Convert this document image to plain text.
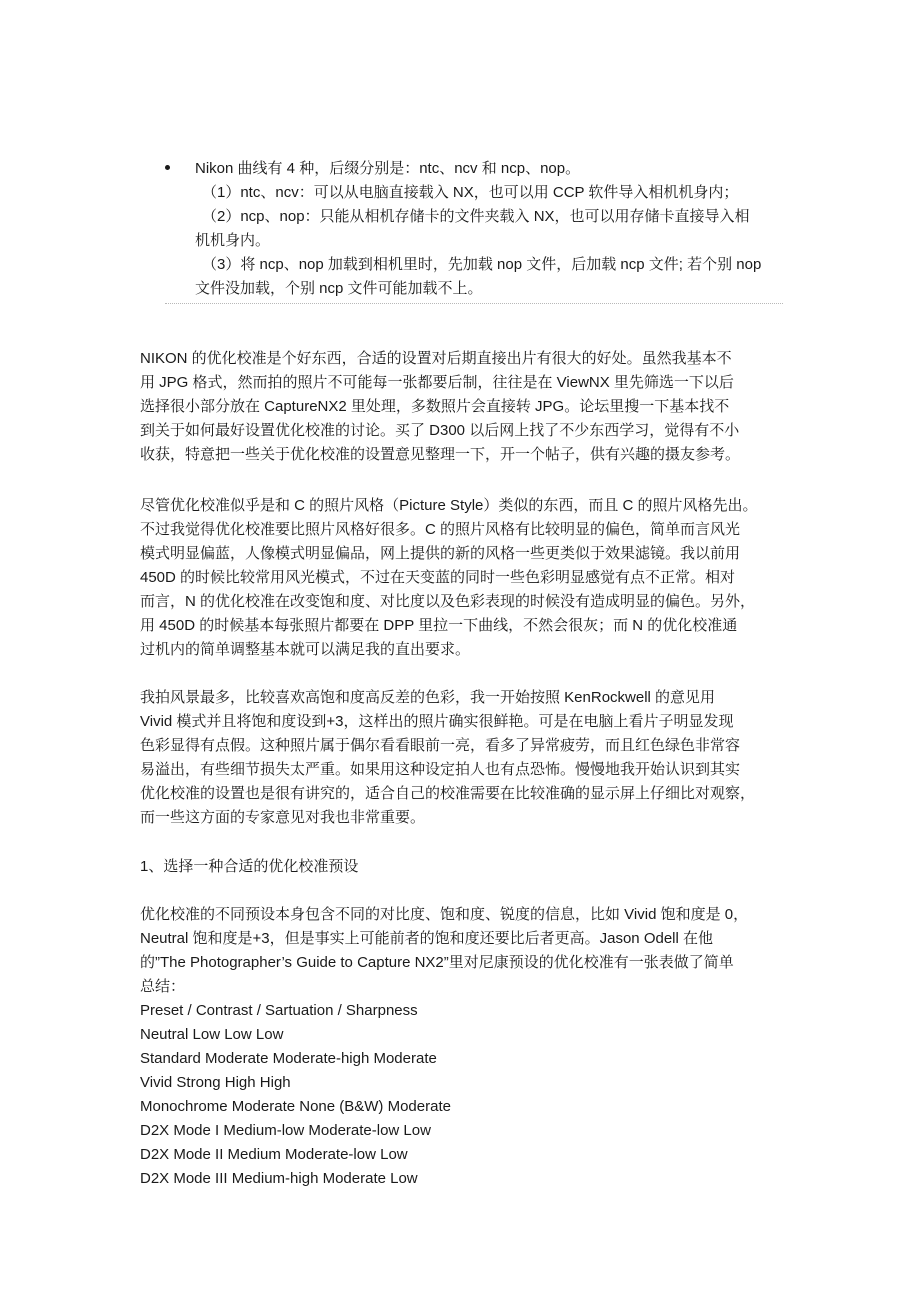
Nikon 曲线有 4 种，后缀分别是：ntc、ncv 和 ncp、nop。

（1）ntc、ncv：可以从电脑直接载入 NX，也可以用 CCP 软件导入相机机身内；

（2）ncp、nop：只能从相机存储卡的文件夹载入 NX，也可以用存储卡直接导入相

机机身内。

（3）将 ncp、nop 加载到相机里时，先加载 nop 文件，后加载 ncp 文件; 若个别 nop

文件没加载，个别 ncp 文件可能加载不上。

NIKON 的优化校准是个好东西，合适的设置对后期直接出片有很大的好处。虽然我基本不

用 JPG 格式，然而拍的照片不可能每一张都要后制，往往是在 ViewNX 里先筛选一下以后

选择很小部分放在 CaptureNX2 里处理，多数照片会直接转 JPG。论坛里搜一下基本找不

到关于如何最好设置优化校准的讨论。买了 D300 以后网上找了不少东西学习，觉得有不小

收获，特意把一些关于优化校准的设置意见整理一下，开一个帖子，供有兴趣的摄友参考。

尽管优化校准似乎是和 C 的照片风格（Picture Style）类似的东西，而且 C 的照片风格先出。

不过我觉得优化校准要比照片风格好很多。C 的照片风格有比较明显的偏色，简单而言风光

模式明显偏蓝，人像模式明显偏品，网上提供的新的风格一些更类似于效果滤镜。我以前用

450D 的时候比较常用风光模式，不过在天变蓝的同时一些色彩明显感觉有点不正常。相对

而言，N 的优化校准在改变饱和度、对比度以及色彩表现的时候没有造成明显的偏色。另外，

用 450D 的时候基本每张照片都要在 DPP 里拉一下曲线，不然会很灰；而 N 的优化校准通

过机内的简单调整基本就可以满足我的直出要求。

我拍风景最多，比较喜欢高饱和度高反差的色彩，我一开始按照 KenRockwell 的意见用

Vivid 模式并且将饱和度设到+3，这样出的照片确实很鲜艳。可是在电脑上看片子明显发现

色彩显得有点假。这种照片属于偶尔看看眼前一亮，看多了异常疲劳，而且红色绿色非常容

易溢出，有些细节损失太严重。如果用这种设定拍人也有点恐怖。慢慢地我开始认识到其实

优化校准的设置也是很有讲究的，适合自己的校准需要在比较准确的显示屏上仔细比对观察，

而一些这方面的专家意见对我也非常重要。

1、选择一种合适的优化校准预设

优化校准的不同预设本身包含不同的对比度、饱和度、锐度的信息，比如 Vivid 饱和度是 0，

Neutral 饱和度是+3，但是事实上可能前者的饱和度还要比后者更高。Jason Odell 在他

的”The Photographer’s Guide to Capture NX2”里对尼康预设的优化校准有一张表做了简单

总结：

Preset / Contrast / Sartuation / Sharpness

Neutral Low Low Low

Standard Moderate Moderate-high Moderate

Vivid Strong High High

Monochrome Moderate None (B&W) Moderate

D2X Mode I Medium-low Moderate-low Low

D2X Mode II Medium Moderate-low Low

D2X Mode III Medium-high Moderate Low
